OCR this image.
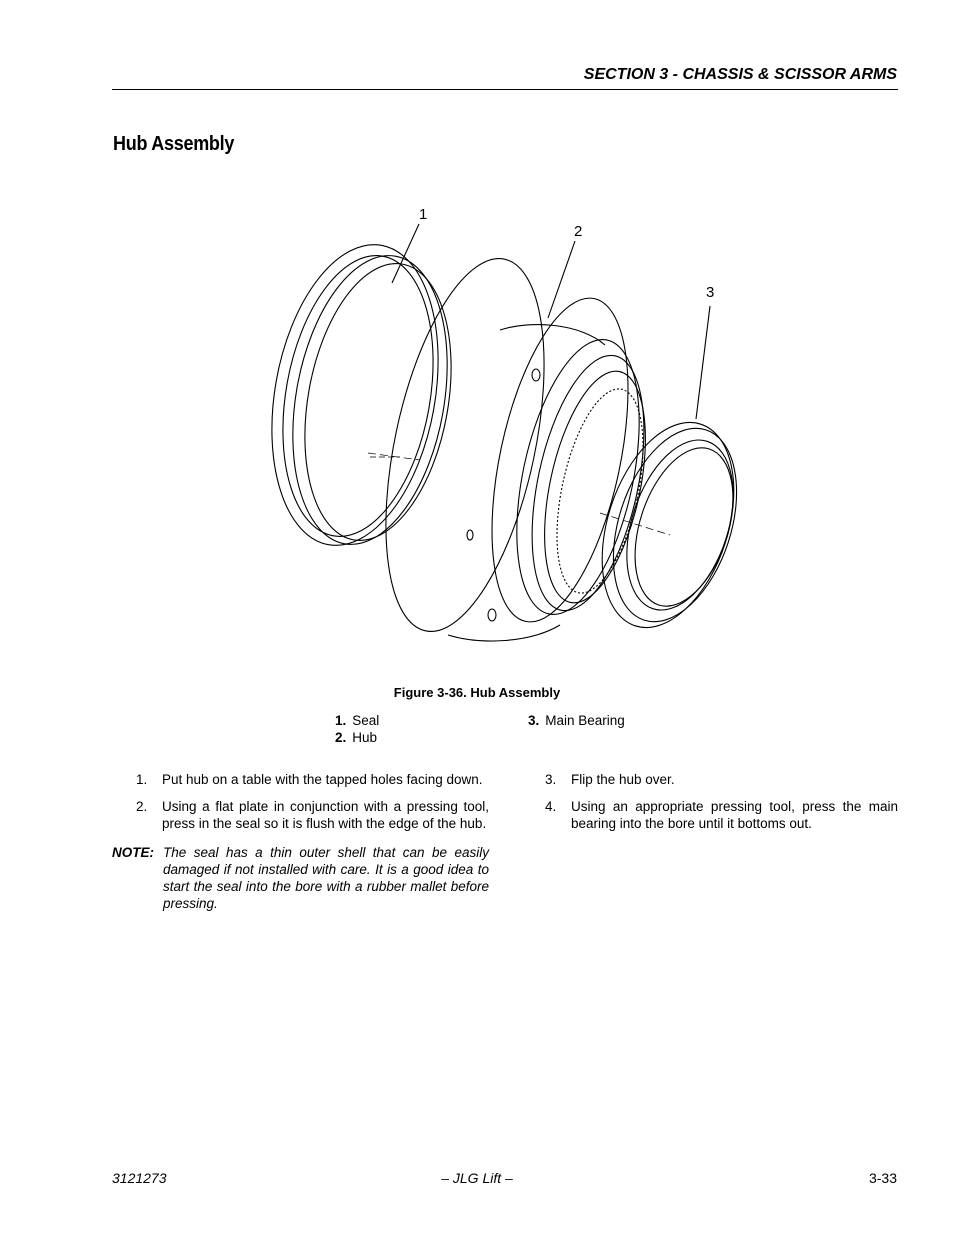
SECTION 3 - CHASSIS & SCISSOR ARMS
Hub Assembly
1
2
3
Figure 3-36. Hub Assembly
1. Seal
2. Hub
3. Main Bearing
1.	Put hub on a table with the tapped holes facing down.
2.	Using a flat plate in conjunction with a pressing tool, press in the seal so it is flush with the edge of the hub.
NOTE: The seal has a thin outer shell that can be easily damaged if not installed with care. It is a good idea to start the seal into the bore with a rubber mallet before pressing.
3.	Flip the hub over.
4.	Using an appropriate pressing tool, press the main bearing into the bore until it bottoms out.
3121273	– JLG Lift –	3-33
